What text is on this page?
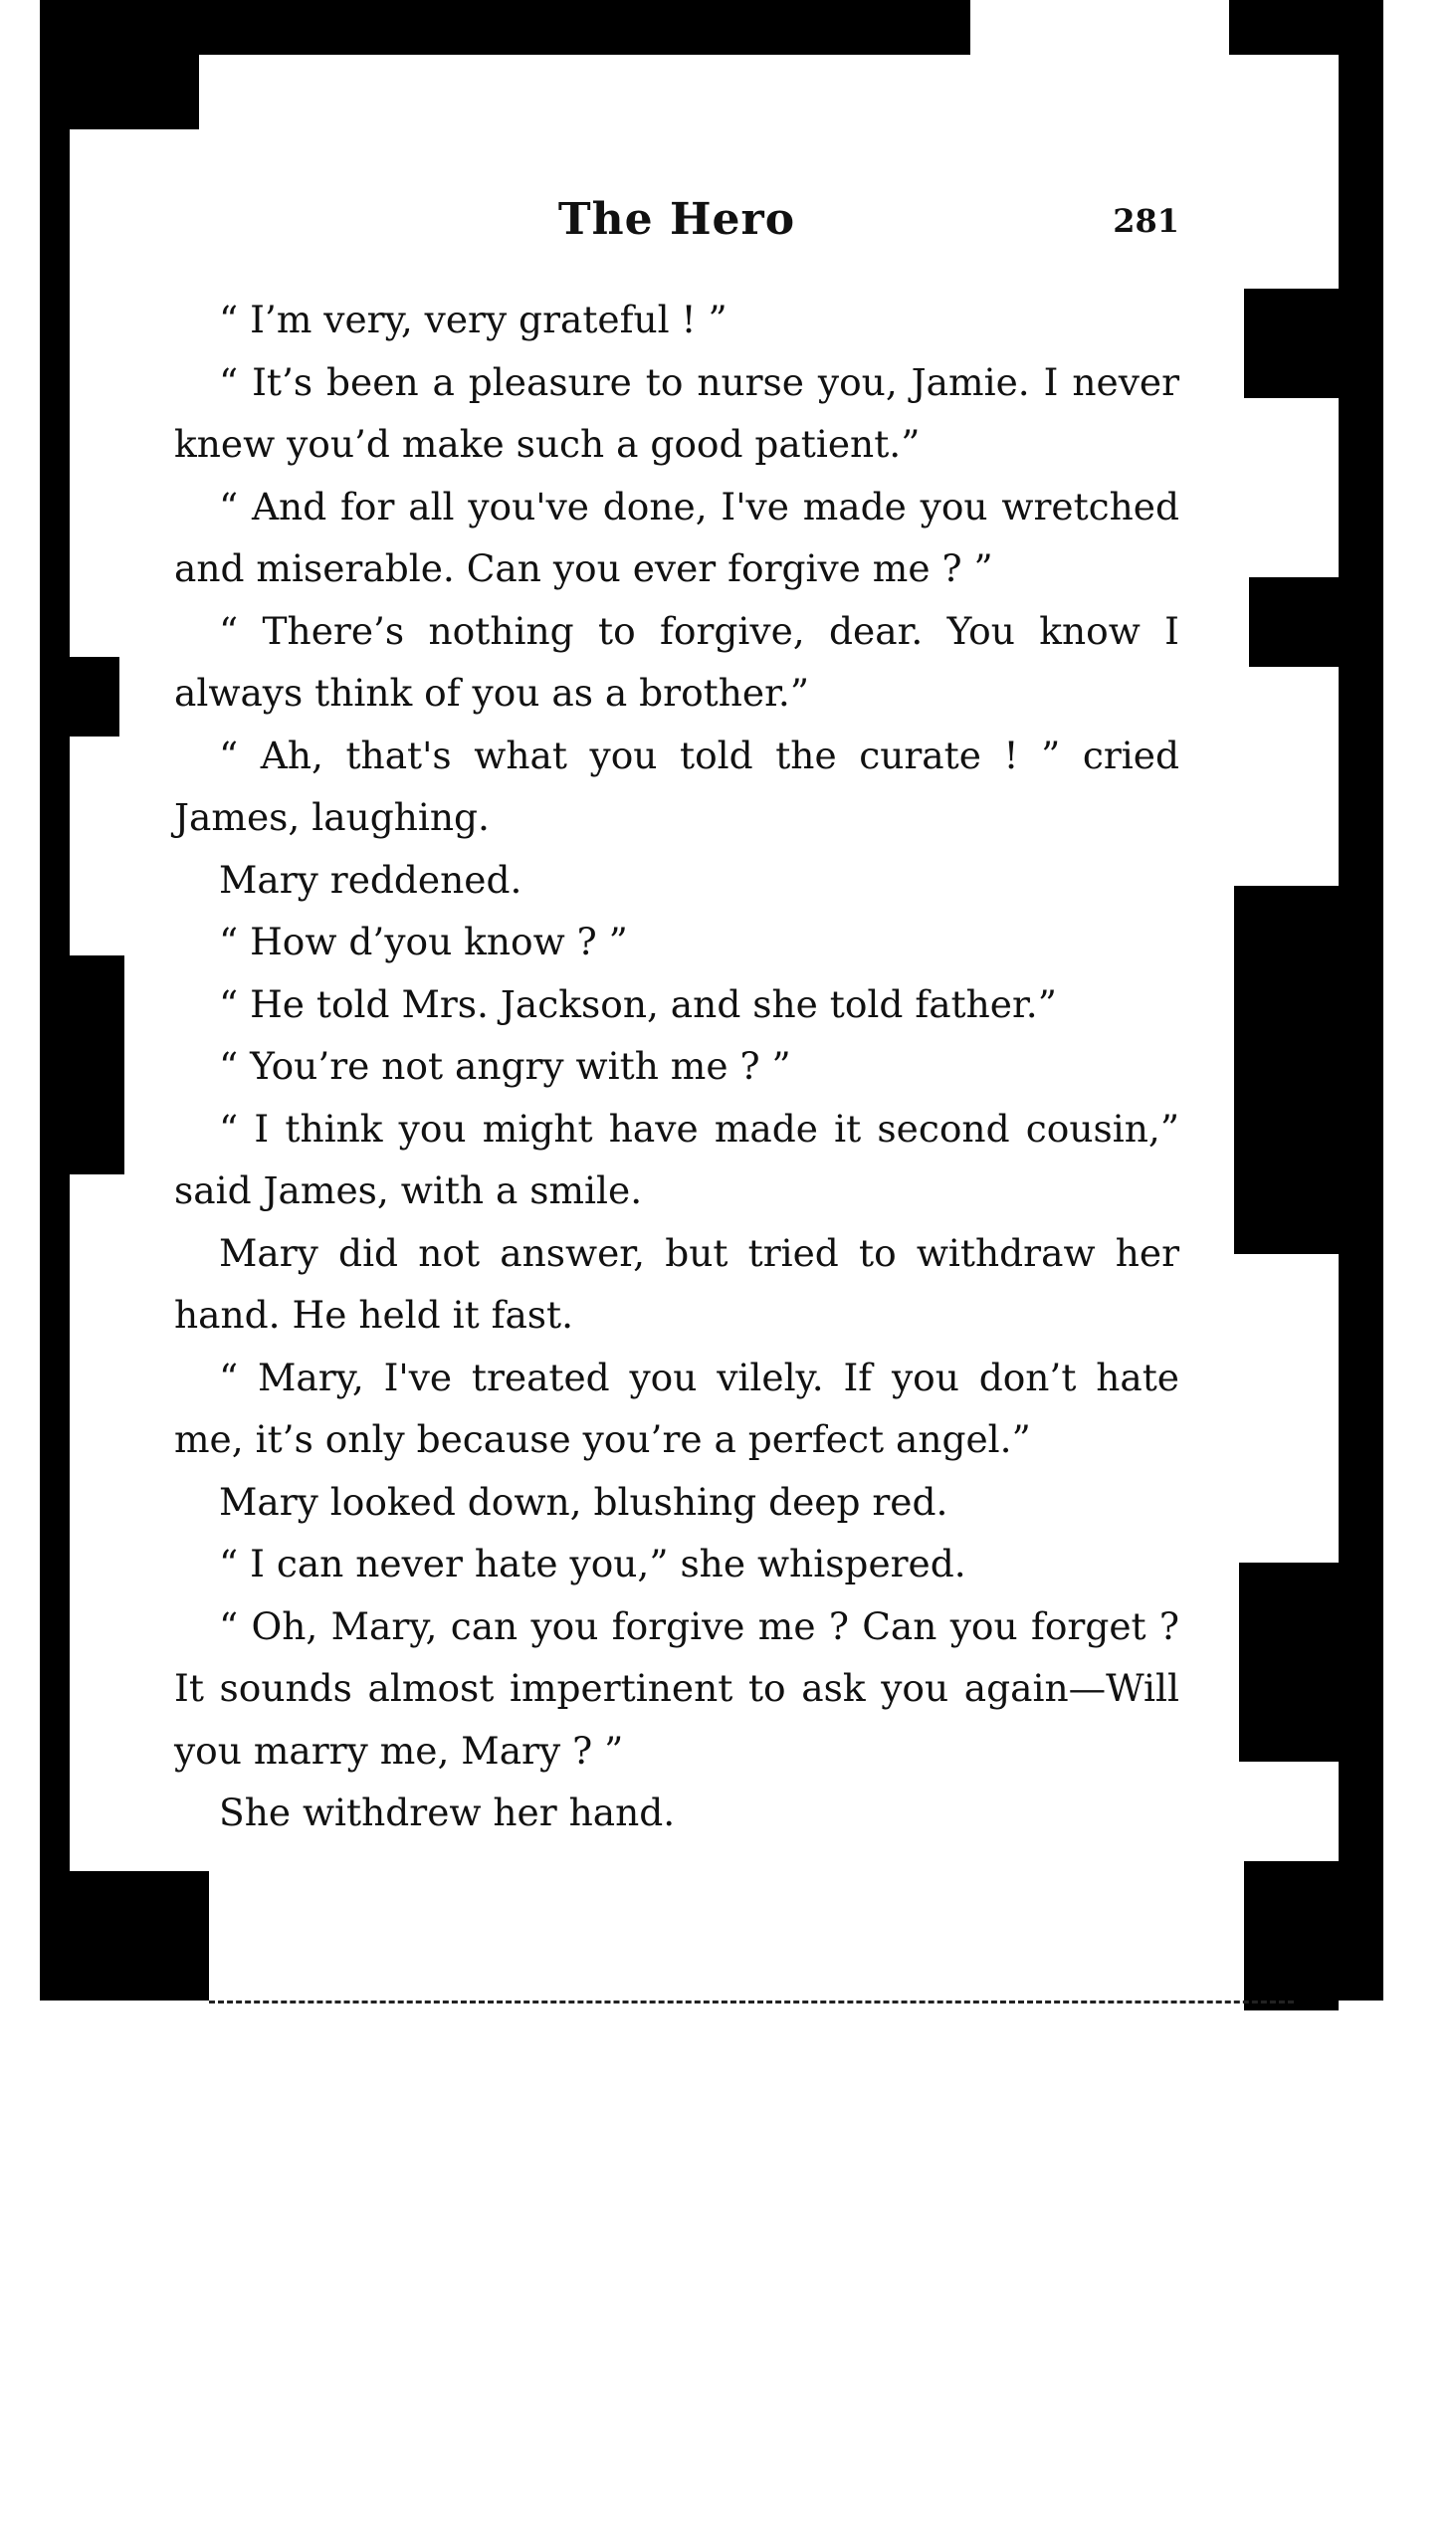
The Hero	281

“ I’m very, very grateful ! ”

“ It’s been a pleasure to nurse you, Jamie. I never knew you’d make such a good patient.”

“ And for all you've done, I've made you wretched and miserable. Can you ever forgive me ? ”

“ There’s nothing to forgive, dear. You know I always think of you as a brother.”

“ Ah, that's what you told the curate ! ” cried James, laughing.

Mary reddened.

“ How d’you know ? ”

“ He told Mrs. Jackson, and she told father.”

“ You’re not angry with me ? ”

“ I think you might have made it second cousin,” said James, with a smile.

Mary did not answer, but tried to withdraw her hand. He held it fast.

“ Mary, I've treated you vilely. If you don’t hate me, it’s only because you’re a perfect angel.”

Mary looked down, blushing deep red.

“ I can never hate you,” she whispered.

“ Oh, Mary, can you forgive me ? Can you forget ? It sounds almost impertinent to ask you again—Will you marry me, Mary ? ”

She withdrew her hand.
